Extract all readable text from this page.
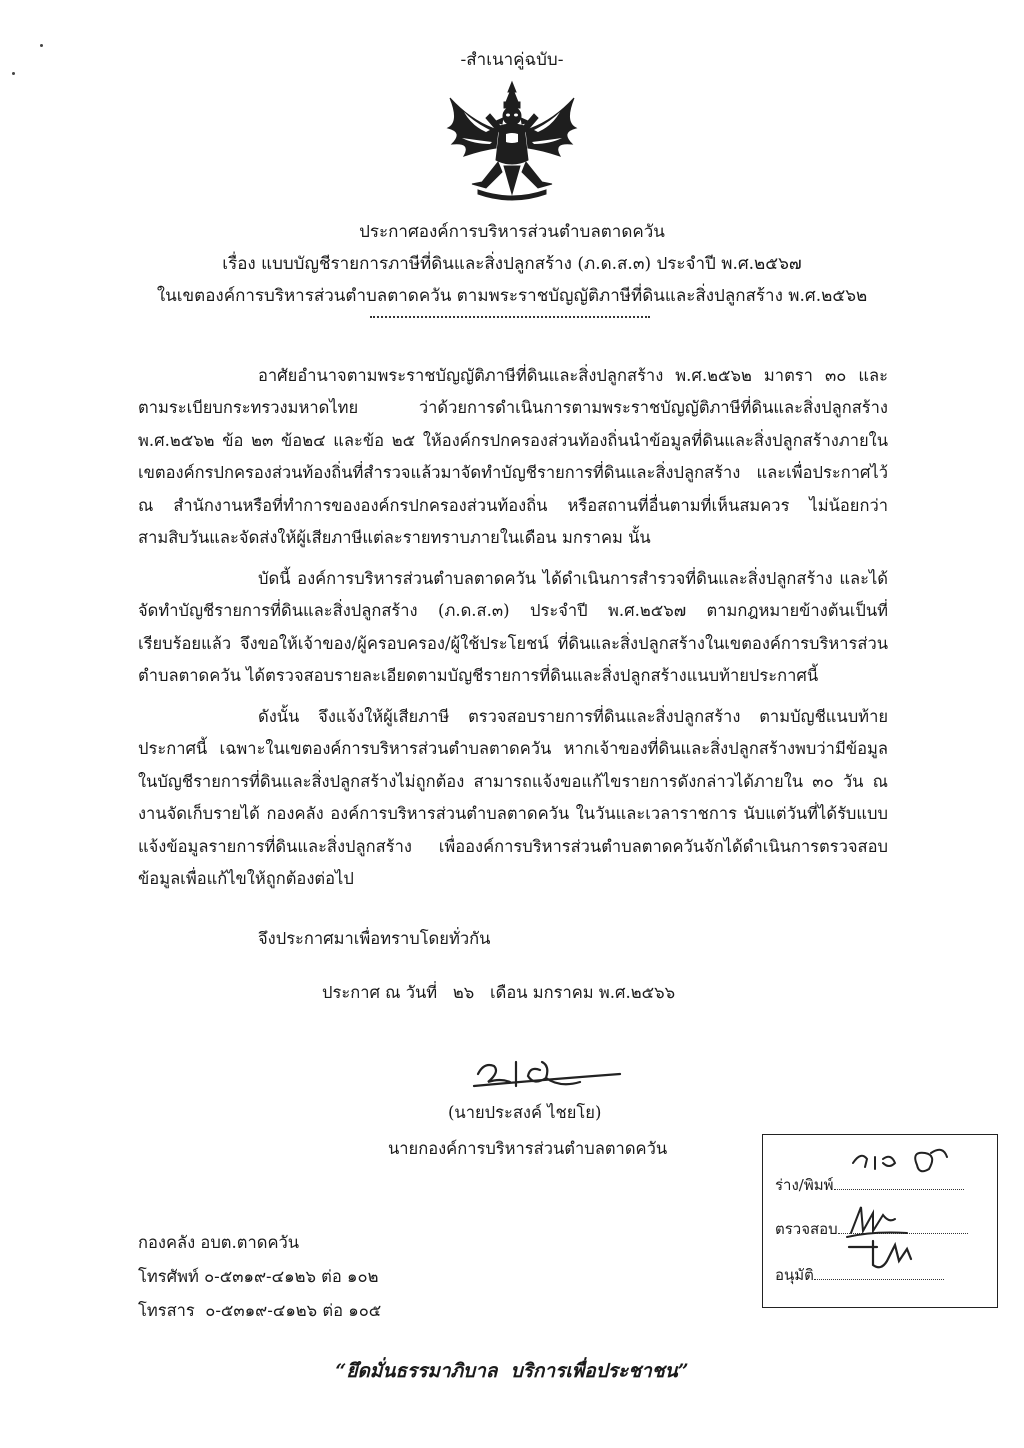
-สำเนาคู่ฉบับ-
ประกาศองค์การบริหารส่วนตำบลตาดควัน
เรื่อง แบบบัญชีรายการภาษีที่ดินและสิ่งปลูกสร้าง (ภ.ด.ส.๓) ประจำปี พ.ศ.๒๕๖๗
ในเขตองค์การบริหารส่วนตำบลตาดควัน ตามพระราชบัญญัติภาษีที่ดินและสิ่งปลูกสร้าง พ.ศ.๒๕๖๒

อาศัยอำนาจตามพระราชบัญญัติภาษีที่ดินและสิ่งปลูกสร้าง พ.ศ.๒๕๖๒ มาตรา ๓๐ และตามระเบียบกระทรวงมหาดไทย ว่าด้วยการดำเนินการตามพระราชบัญญัติภาษีที่ดินและสิ่งปลูกสร้าง พ.ศ.๒๕๖๒ ข้อ ๒๓ ข้อ๒๔ และข้อ ๒๕ ให้องค์กรปกครองส่วนท้องถิ่นนำข้อมูลที่ดินและสิ่งปลูกสร้างภายในเขตองค์กรปกครองส่วนท้องถิ่นที่สำรวจแล้วมาจัดทำบัญชีรายการที่ดินและสิ่งปลูกสร้าง และเพื่อประกาศไว้ ณ สำนักงานหรือที่ทำการขององค์กรปกครองส่วนท้องถิ่น หรือสถานที่อื่นตามที่เห็นสมควร ไม่น้อยกว่าสามสิบวันและจัดส่งให้ผู้เสียภาษีแต่ละรายทราบภายในเดือน มกราคม นั้น

บัดนี้ องค์การบริหารส่วนตำบลตาดควัน ได้ดำเนินการสำรวจที่ดินและสิ่งปลูกสร้าง และได้จัดทำบัญชีรายการที่ดินและสิ่งปลูกสร้าง (ภ.ด.ส.๓) ประจำปี พ.ศ.๒๕๖๗ ตามกฎหมายข้างต้นเป็นที่เรียบร้อยแล้ว จึงขอให้เจ้าของ/ผู้ครอบครอง/ผู้ใช้ประโยชน์ ที่ดินและสิ่งปลูกสร้างในเขตองค์การบริหารส่วนตำบลตาดควัน ได้ตรวจสอบรายละเอียดตามบัญชีรายการที่ดินและสิ่งปลูกสร้างแนบท้ายประกาศนี้

ดังนั้น จึงแจ้งให้ผู้เสียภาษี ตรวจสอบรายการที่ดินและสิ่งปลูกสร้าง ตามบัญชีแนบท้ายประกาศนี้ เฉพาะในเขตองค์การบริหารส่วนตำบลตาดควัน หากเจ้าของที่ดินและสิ่งปลูกสร้างพบว่ามีข้อมูลในบัญชีรายการที่ดินและสิ่งปลูกสร้างไม่ถูกต้อง สามารถแจ้งขอแก้ไขรายการดังกล่าวได้ภายใน ๓๐ วัน ณ งานจัดเก็บรายได้ กองคลัง องค์การบริหารส่วนตำบลตาดควัน ในวันและเวลาราชการ นับแต่วันที่ได้รับแบบแจ้งข้อมูลรายการที่ดินและสิ่งปลูกสร้าง เพื่อองค์การบริหารส่วนตำบลตาดควันจักได้ดำเนินการตรวจสอบข้อมูลเพื่อแก้ไขให้ถูกต้องต่อไป

จึงประกาศมาเพื่อทราบโดยทั่วกัน
ประกาศ ณ วันที่   ๒๖   เดือน มกราคม พ.ศ.๒๕๖๖
(นายประสงค์ ไชยโย)
นายกองค์การบริหารส่วนตำบลตาดควัน
ร่าง/พิมพ์
ตรวจสอบ
อนุมัติ
กองคลัง อบต.ตาดควัน
โทรศัพท์ ๐-๕๓๑๙-๔๑๒๖ ต่อ ๑๐๒
โทรสาร  ๐-๕๓๑๙-๔๑๒๖ ต่อ ๑๐๕
“ยึดมั่นธรรมาภิบาล  บริการเพื่อประชาชน”
